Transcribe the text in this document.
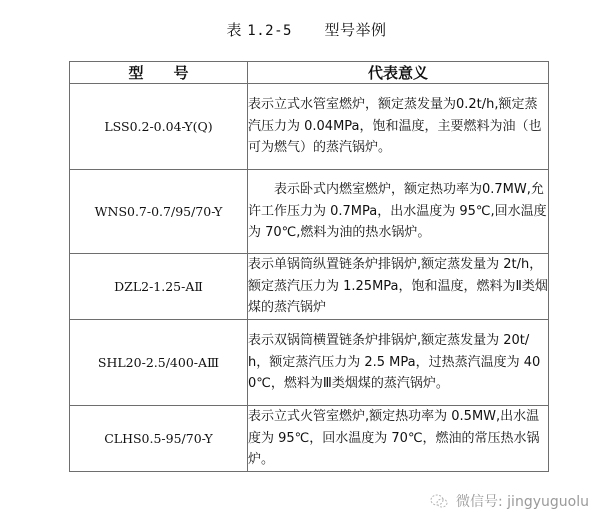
表 1.2-5 型号举例
型　　号	代表意义
LSS0.2-0.04-Y(Q)	表示立式水管室燃炉，额定蒸发量为0.2t/h,额定蒸汽压力为 0.04MPa，饱和温度，主要燃料为油（也可为燃气）的蒸汽锅炉。
WNS0.7-0.7/95/70-Y	表示卧式内燃室燃炉，额定热功率为0.7MW,允许工作压力为 0.7MPa，出水温度为 95℃,回水温度为 70℃,燃料为油的热水锅炉。
DZL2-1.25-AⅡ	表示单锅筒纵置链条炉排锅炉,额定蒸发量为 2t/h，额定蒸汽压力为 1.25MPa，饱和温度，燃料为Ⅱ类烟煤的蒸汽锅炉
SHL20-2.5/400-AⅢ	表示双锅筒横置链条炉排锅炉,额定蒸发量为 20t/h，额定蒸汽压力为 2.5 MPa，过热蒸汽温度为 400℃，燃料为Ⅲ类烟煤的蒸汽锅炉。
CLHS0.5-95/70-Y	表示立式火管室燃炉,额定热功率为 0.5MW,出水温度为 95℃，回水温度为 70℃，燃油的常压热水锅炉。
微信号: jingyuguolu
